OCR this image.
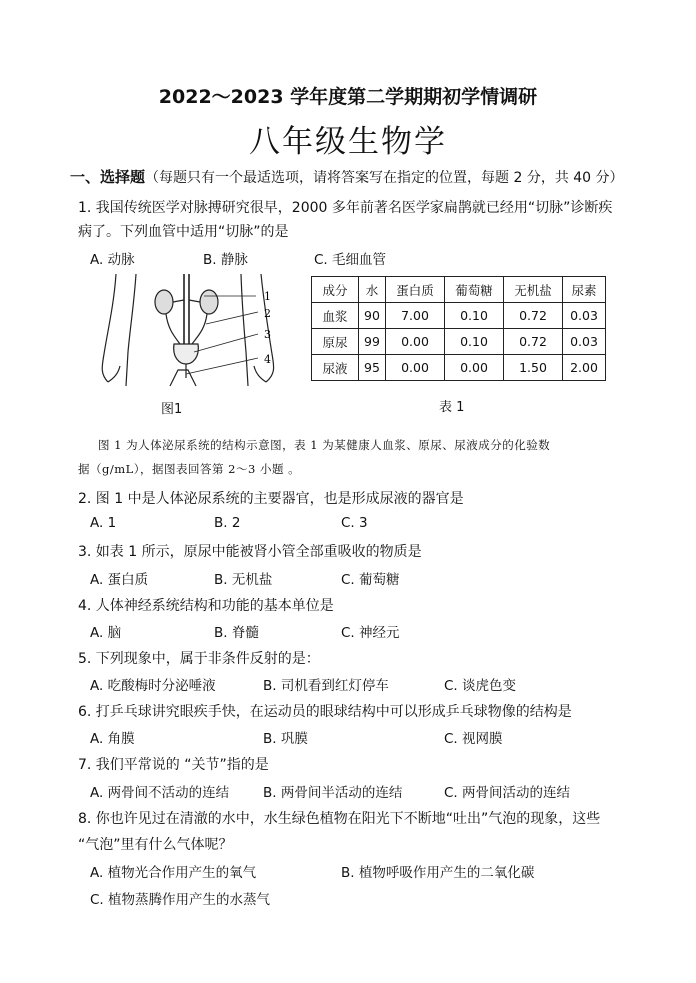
2022～2023 学年度第二学期期初学情调研
八年级生物学
一、选择题（每题只有一个最适选项，请将答案写在指定的位置，每题 2 分，共 40 分）
1. 我国传统医学对脉搏研究很早，2000 多年前著名医学家扁鹊就已经用“切脉”诊断疾
病了。下列血管中适用“切脉”的是
A. 动脉	B. 静脉	C. 毛细血管
1
2
3
4
图1
成分	水	蛋白质	葡萄糖	无机盐	尿素
血浆	90	7.00	0.10	0.72	0.03
原尿	99	0.00	0.10	0.72	0.03
尿液	95	0.00	0.00	1.50	2.00
表 1
图 1 为人体泌尿系统的结构示意图，表 1 为某健康人血浆、原尿、尿液成分的化验数
据（g/mL），据图表回答第 2～3 小题 。
2. 图 1 中是人体泌尿系统的主要器官，也是形成尿液的器官是
A. 1	B. 2	C. 3
3. 如表 1 所示，原尿中能被肾小管全部重吸收的物质是
A. 蛋白质	B. 无机盐	C. 葡萄糖
4. 人体神经系统结构和功能的基本单位是
A. 脑	B. 脊髓	C. 神经元
5. 下列现象中，属于非条件反射的是：
A. 吃酸梅时分泌唾液	B. 司机看到红灯停车	C. 谈虎色变
6. 打乒乓球讲究眼疾手快，在运动员的眼球结构中可以形成乒乓球物像的结构是
A. 角膜	B. 巩膜	C. 视网膜
7. 我们平常说的 “关节”指的是
A. 两骨间不活动的连结	B. 两骨间半活动的连结	C. 两骨间活动的连结
8. 你也许见过在清澈的水中，水生绿色植物在阳光下不断地“吐出”气泡的现象，这些
“气泡”里有什么气体呢？
A. 植物光合作用产生的氧气	B. 植物呼吸作用产生的二氧化碳
C. 植物蒸腾作用产生的水蒸气
